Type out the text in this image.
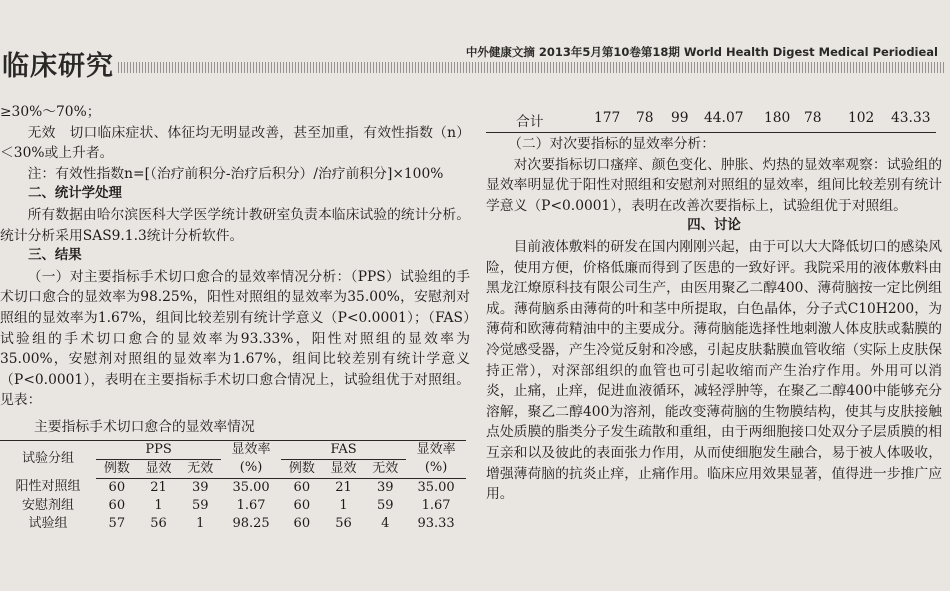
临床研究	中外健康文摘 2013年5月第10卷第18期 World Health Digest Medical Periodieal

≥30%～70%；

无效　切口临床症状、体征均无明显改善，甚至加重，有效性指数（n）＜30%或上升者。

注：有效性指数n=[（治疗前积分-治疗后积分）/治疗前积分]×100%

二、统计学处理

所有数据由哈尔滨医科大学医学统计教研室负责本临床试验的统计分析。统计分析采用SAS9.1.3统计分析软件。

三、结果

（一）对主要指标手术切口愈合的显效率情况分析：（PPS）试验组的手术切口愈合的显效率为98.25%，阳性对照组的显效率为35.00%，安慰剂对照组的显效率为1.67%，组间比较差别有统计学意义（P<0.0001）；（FAS）试验组的手术切口愈合的显效率为93.33%，阳性对照组的显效率为35.00%，安慰剂对照组的显效率为1.67%，组间比较差别有统计学意义（P<0.0001），表明在主要指标手术切口愈合情况上，试验组优于对照组。见表：

主要指标手术切口愈合的显效率情况

试验分组	PPS			显效率	FAS			显效率
	例数	显效	无效	(%)	例数	显效	无效	(%)
阳性对照组	60	21	39	35.00	60	21	39	35.00
安慰剂组	60	1	59	1.67	60	1	59	1.67
试验组	57	56	1	98.25	60	56	4	93.33
合计	177 78 99 44.07 180 78 102 43.33

（二）对次要指标的显效率分析：

对次要指标切口瘙痒、颜色变化、肿胀、灼热的显效率观察：试验组的显效率明显优于阳性对照组和安慰剂对照组的显效率，组间比较差别有统计学意义（P<0.0001），表明在改善次要指标上，试验组优于对照组。

四、讨论

目前液体敷料的研发在国内刚刚兴起，由于可以大大降低切口的感染风险，使用方便，价格低廉而得到了医患的一致好评。我院采用的液体敷料由黑龙江燎原科技有限公司生产，由医用聚乙二醇400、薄荷脑按一定比例组成。薄荷脑系由薄荷的叶和茎中所提取，白色晶体，分子式C10H200，为薄荷和欧薄荷精油中的主要成分。薄荷脑能选择性地刺激人体皮肤或黏膜的冷觉感受器，产生冷觉反射和冷感，引起皮肤黏膜血管收缩（实际上皮肤保持正常），对深部组织的血管也可引起收缩而产生治疗作用。外用可以消炎，止痛，止痒，促进血液循环，减轻浮肿等，在聚乙二醇400中能够充分溶解，聚乙二醇400为溶剂，能改变薄荷脑的生物膜结构，使其与皮肤接触点处质膜的脂类分子发生疏散和重组，由于两细胞接口处双分子层质膜的相互亲和以及彼此的表面张力作用，从而使细胞发生融合，易于被人体吸收，增强薄荷脑的抗炎止痒，止痛作用。临床应用效果显著，值得进一步推广应用。
